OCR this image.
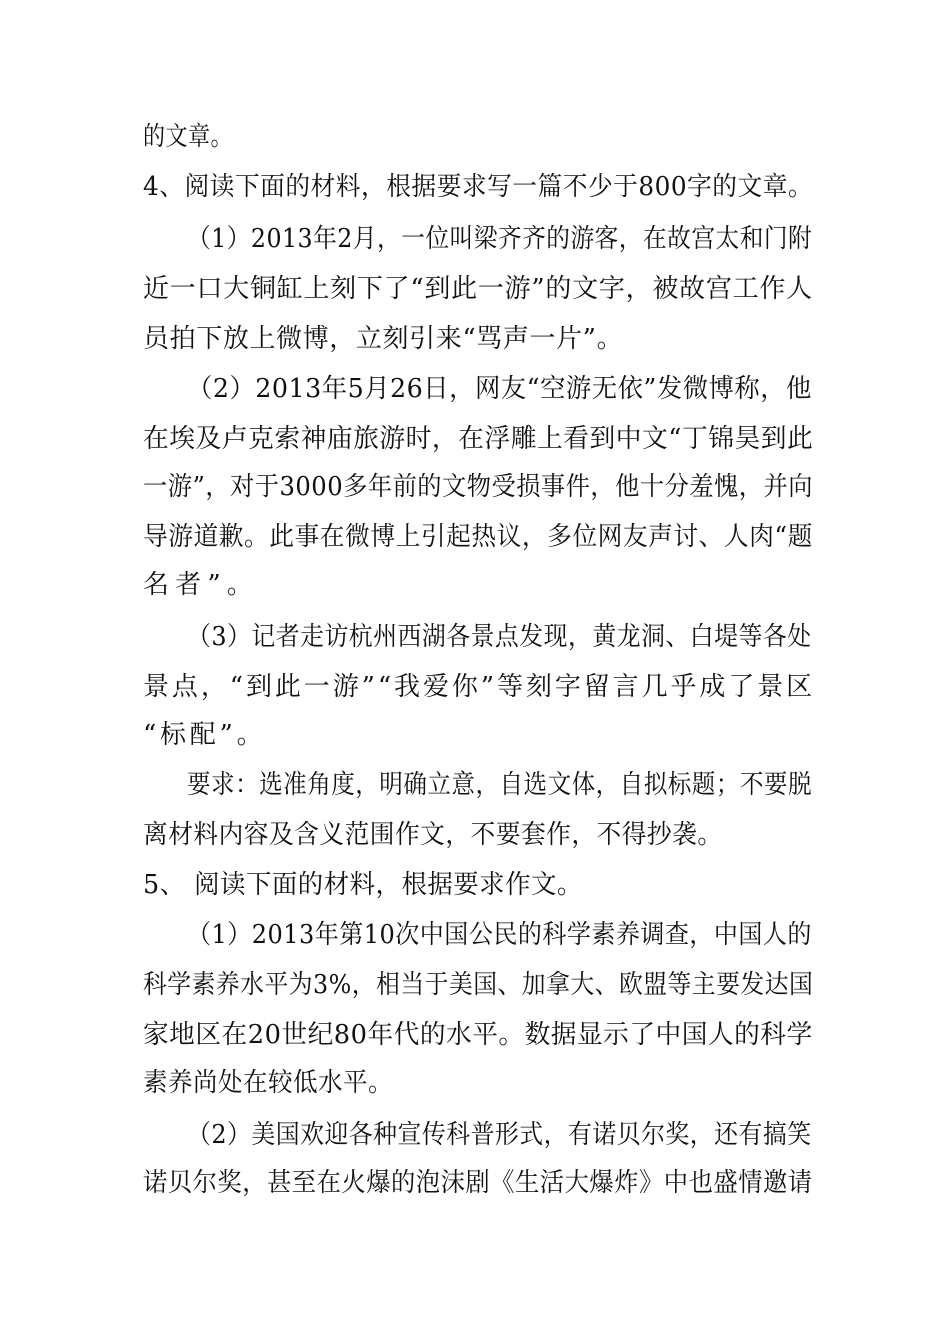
的文章。
4、阅读下面的材料，根据要求写一篇不少于800字的文章。
（1）2013年2月，一位叫梁齐齐的游客，在故宫太和门附
近一口大铜缸上刻下了“到此一游”的文字，被故宫工作人
员拍下放上微博，立刻引来“骂声一片”。
（2）2013年5月26日，网友“空游无依”发微博称，他
在埃及卢克索神庙旅游时，在浮雕上看到中文“丁锦昊到此
一游”，对于3000多年前的文物受损事件，他十分羞愧，并向
导游道歉。此事在微博上引起热议，多位网友声讨、人肉“题
名者”。
（3）记者走访杭州西湖各景点发现，黄龙洞、白堤等各处
景点，“到此一游”“我爱你”等刻字留言几乎成了景区
“标配”。
要求：选准角度，明确立意，自选文体，自拟标题；不要脱
离材料内容及含义范围作文，不要套作，不得抄袭。
5、 阅读下面的材料，根据要求作文。
（1）2013年第10次中国公民的科学素养调查，中国人的
科学素养水平为3%，相当于美国、加拿大、欧盟等主要发达国
家地区在20世纪80年代的水平。数据显示了中国人的科学
素养尚处在较低水平。
（2）美国欢迎各种宣传科普形式，有诺贝尔奖，还有搞笑
诺贝尔奖，甚至在火爆的泡沫剧《生活大爆炸》中也盛情邀请
